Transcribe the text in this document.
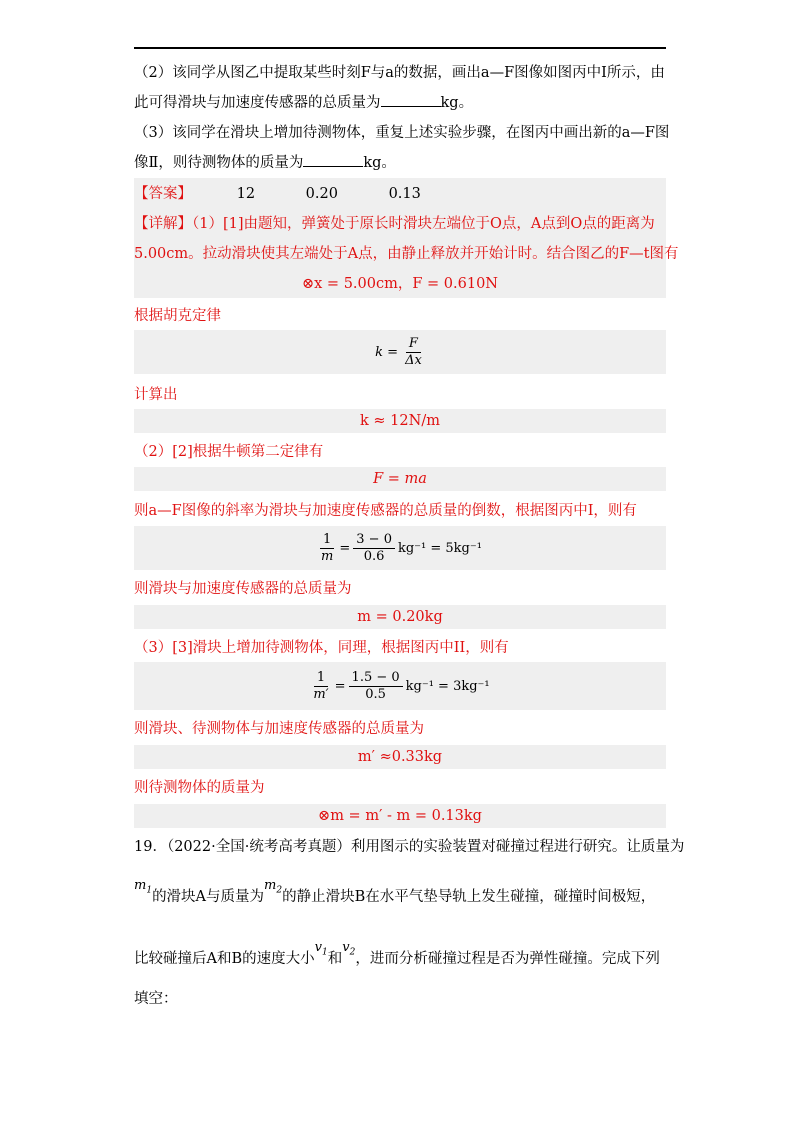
（2）该同学从图乙中提取某些时刻F与a的数据，画出a—F图像如图丙中Ⅰ所示，由
此可得滑块与加速度传感器的总质量为	kg。
（3）该同学在滑块上增加待测物体，重复上述实验步骤，在图丙中画出新的a—F图
像Ⅱ，则待测物体的质量为	kg。
【答案】	12	0.20	0.13
【详解】（1）[1]由题知，弹簧处于原长时滑块左端位于O点，A点到O点的距离为
5.00cm。拉动滑块使其左端处于A点，由静止释放并开始计时。结合图乙的F—t图有
⊗x = 5.00cm，F = 0.610N
根据胡克定律
$k = \frac{F}{\Delta x}$
计算出
k ≈ 12N/m
（2）[2]根据牛顿第二定律有
F = ma
则a—F图像的斜率为滑块与加速度传感器的总质量的倒数，根据图丙中Ⅰ，则有
$\frac{1}{m} = \frac{3 - 0}{0.6} kg^{-1} = 5kg^{-1}$
则滑块与加速度传感器的总质量为
m = 0.20kg
（3）[3]滑块上增加待测物体，同理，根据图丙中II，则有
$\frac{1}{m'} = \frac{1.5 - 0}{0.5} kg^{-1} = 3kg^{-1}$
则滑块、待测物体与加速度传感器的总质量为
m′ ≈0.33kg
则待测物体的质量为
⊗m = m′ - m = 0.13kg
19．（2022·全国·统考高考真题）利用图示的实验装置对碰撞过程进行研究。让质量为
$m_1$的滑块A与质量为$m_2$的静止滑块B在水平气垫导轨上发生碰撞，碰撞时间极短，
比较碰撞后A和B的速度大小$v_1$和$v_2$，进而分析碰撞过程是否为弹性碰撞。完成下列
填空：
